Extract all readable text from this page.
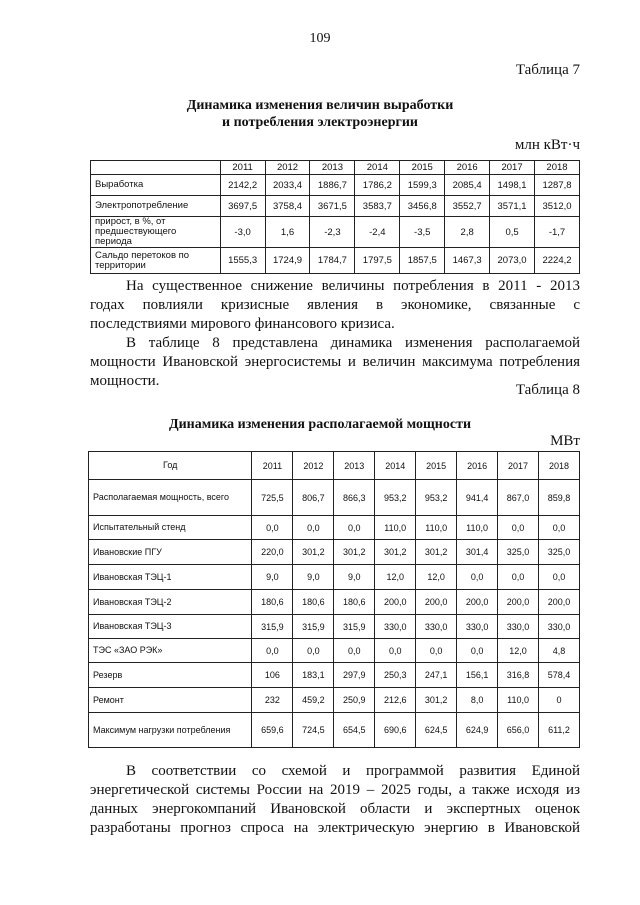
109
Таблица 7
Динамика изменения величин выработки
и потребления электроэнергии
млн кВт·ч
	2011	2012	2013	2014	2015	2016	2017	2018
Выработка	2142,2	2033,4	1886,7	1786,2	1599,3	2085,4	1498,1	1287,8
Электропотребление	3697,5	3758,4	3671,5	3583,7	3456,8	3552,7	3571,1	3512,0
прирост, в %, от предшествующего периода	-3,0	1,6	-2,3	-2,4	-3,5	2,8	0,5	-1,7
Сальдо перетоков по территории	1555,3	1724,9	1784,7	1797,5	1857,5	1467,3	2073,0	2224,2
На существенное снижение величины потребления в 2011 - 2013
годах повлияли кризисные явления в экономике, связанные с
последствиями мирового финансового кризиса.
В таблице 8 представлена динамика изменения располагаемой
мощности Ивановской энергосистемы и величин максимума потребления
мощности.
Таблица 8
Динамика изменения располагаемой мощности
МВт
Год	2011	2012	2013	2014	2015	2016	2017	2018
Располагаемая мощность, всего	725,5	806,7	866,3	953,2	953,2	941,4	867,0	859,8
Испытательный стенд	0,0	0,0	0,0	110,0	110,0	110,0	0,0	0,0
Ивановские ПГУ	220,0	301,2	301,2	301,2	301,2	301,4	325,0	325,0
Ивановская ТЭЦ-1	9,0	9,0	9,0	12,0	12,0	0,0	0,0	0,0
Ивановская ТЭЦ-2	180,6	180,6	180,6	200,0	200,0	200,0	200,0	200,0
Ивановская ТЭЦ-3	315,9	315,9	315,9	330,0	330,0	330,0	330,0	330,0
ТЭС «ЗАО РЭК»	0,0	0,0	0,0	0,0	0,0	0,0	12,0	4,8
Резерв	106	183,1	297,9	250,3	247,1	156,1	316,8	578,4
Ремонт	232	459,2	250,9	212,6	301,2	8,0	110,0	0
Максимум нагрузки потребления	659,6	724,5	654,5	690,6	624,5	624,9	656,0	611,2
В соответствии со схемой и программой развития Единой
энергетической системы России на 2019 – 2025 годы, а также исходя из
данных энергокомпаний Ивановской области и экспертных оценок
разработаны прогноз спроса на электрическую энергию в Ивановской
